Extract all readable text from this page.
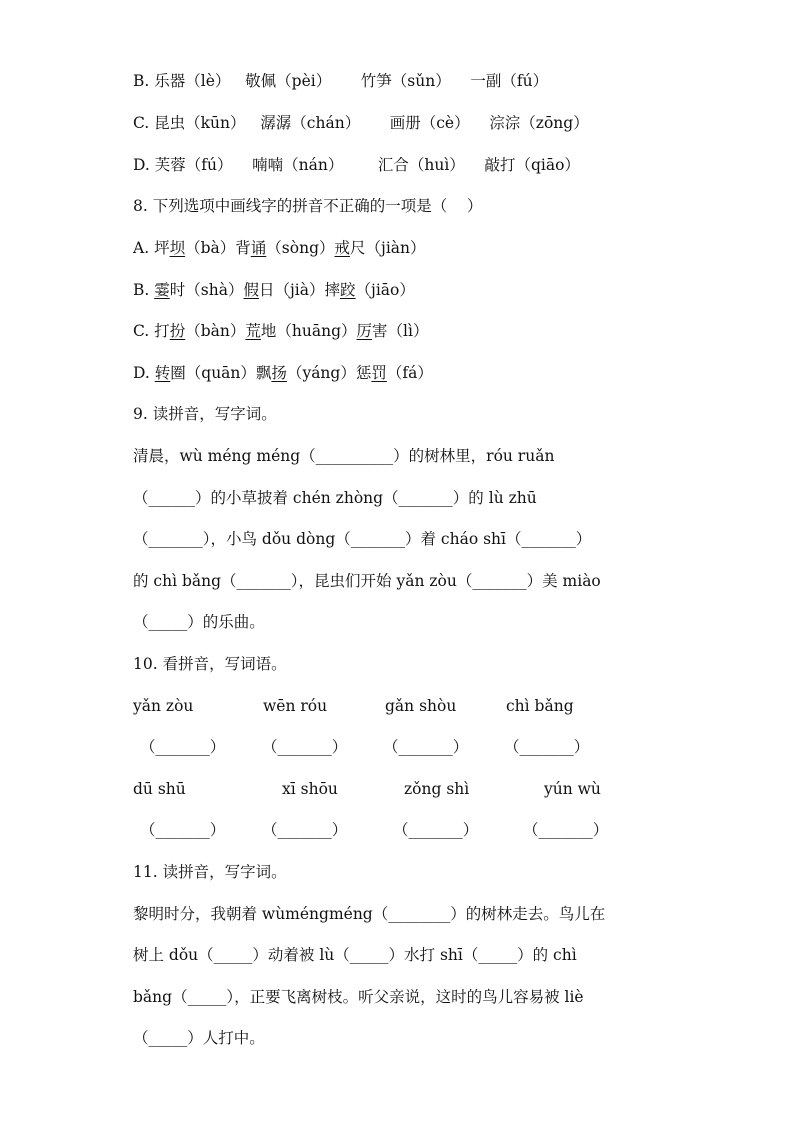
B. 乐器（lè）   敬佩（pèi）      竹笋（sǔn）    一副（fú）
C. 昆虫（kūn）   潺潺（chán）      画册（cè）    淙淙（zōng）
D. 芙蓉（fú）    喃喃（nán）       汇合（huì）    敲打（qiāo）
8. 下列选项中画线字的拼音不正确的一项是（    ）
A. 坪坝（bà）背诵（sòng）戒尺（jiàn）
B. 霎时（shà）假日（jià）摔跤（jiāo）
C. 打扮（bàn）荒地（huāng）厉害（lì）
D. 转圈（quān）飘扬（yáng）惩罚（fá）
9. 读拼音，写字词。
清晨，wù méng méng（__________）的树林里，róu ruǎn
（______）的小草披着 chén zhòng（_______）的 lù zhū
（_______），小鸟 dǒu dòng（_______）着 cháo shī（_______）
的 chì bǎng（_______），昆虫们开始 yǎn zòu（_______）美 miào
（_____）的乐曲。
10. 看拼音，写词语。
yǎn zòu	wēn róu	gǎn shòu	chì bǎng
（_______） （_______） （_______） （_______）
dū shū	xī shōu	zǒng shì	yún wù
（_______） （_______）	（_______）	（_______）
11. 读拼音，写字词。
黎明时分，我朝着 wùméngméng（________）的树林走去。鸟儿在
树上 dǒu（_____）动着被 lù（_____）水打 shī（_____）的 chì
bǎng（_____），正要飞离树枝。听父亲说，这时的鸟儿容易被 liè
（_____）人打中。
